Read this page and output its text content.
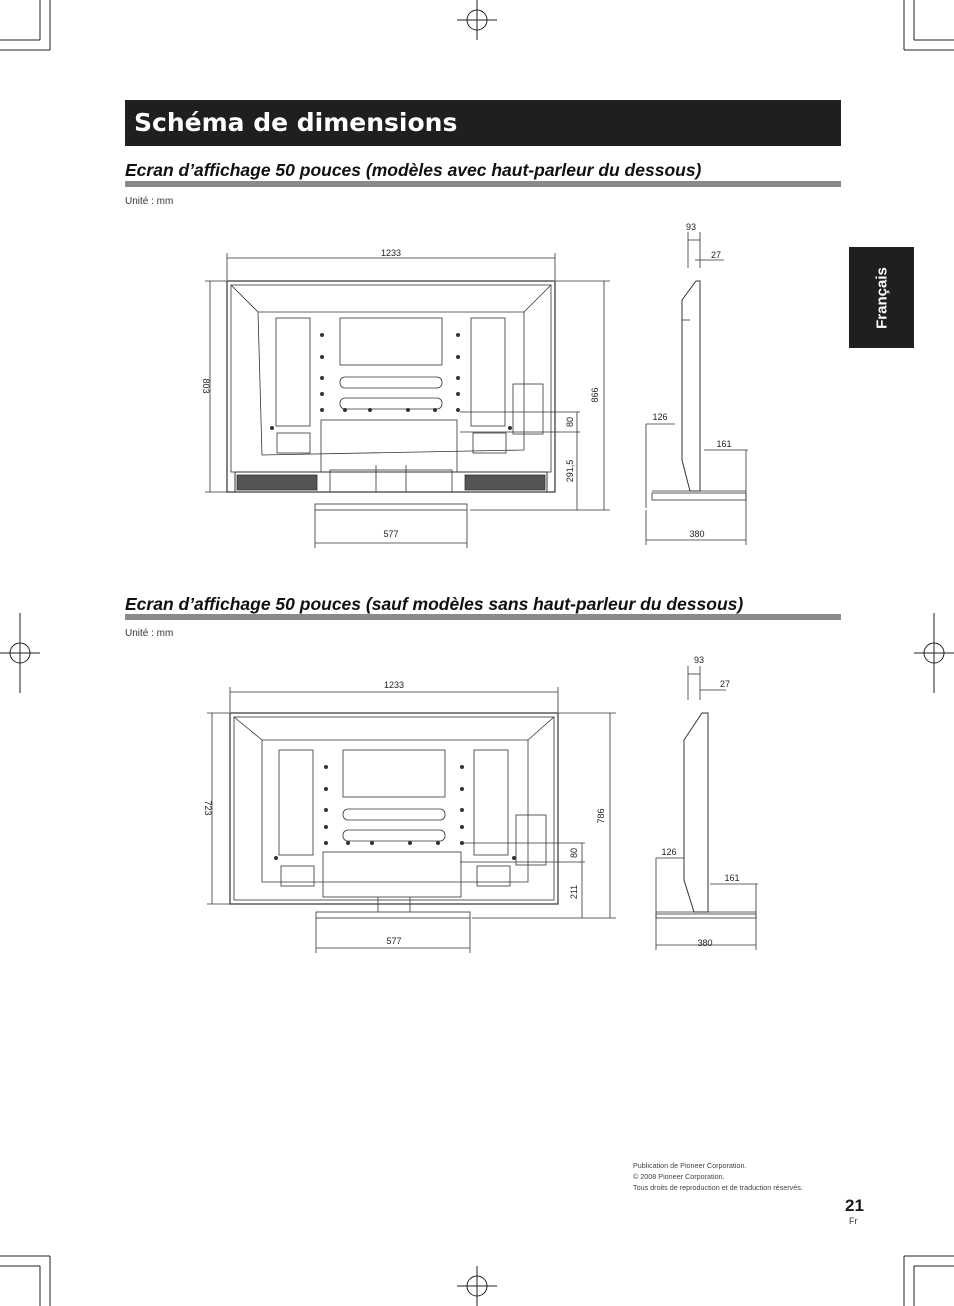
Schéma de dimensions
Français
Ecran d’affichage 50 pouces (modèles avec haut-parleur du dessous)
Unité : mm
1233
803
866
80
291,5
577
93
27
126
161
380
Ecran d’affichage 50 pouces (sauf modèles sans haut-parleur du dessous)
Unité : mm
1233
723
786
80
211
577
93
27
126
161
380
Publication de Pioneer Corporation.
© 2008 Pioneer Corporation.
Tous droits de reproduction et de traduction réservés.
21
Fr
